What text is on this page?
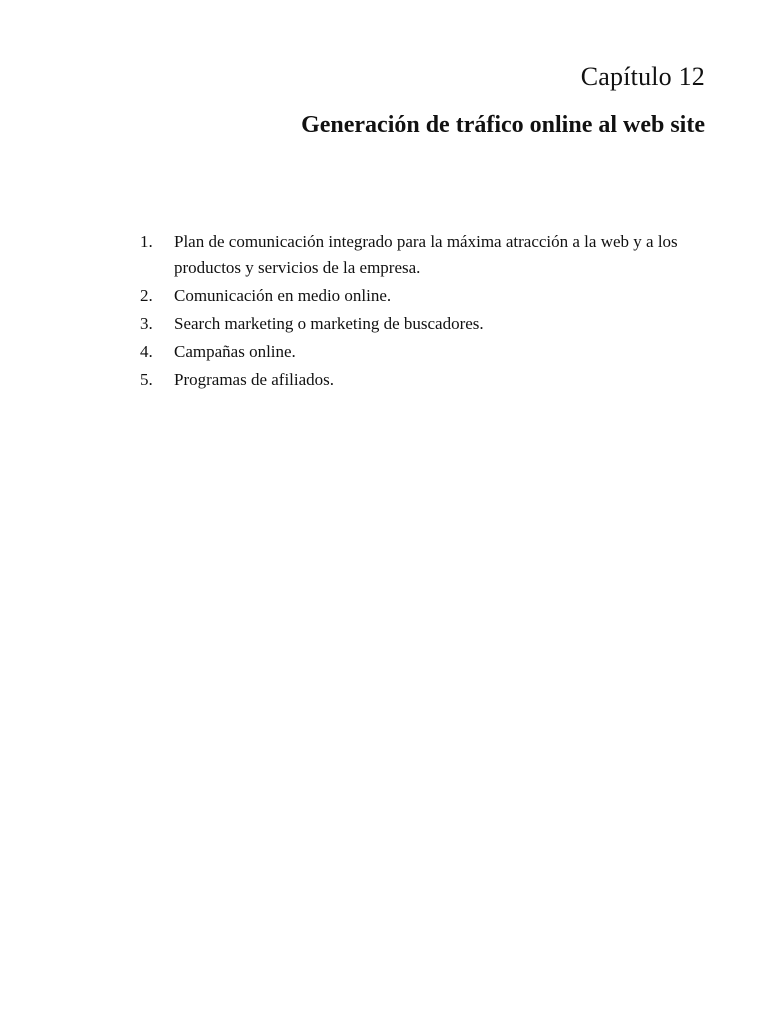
Capítulo 12
Generación de tráfico online al web site
1.	Plan de comunicación integrado para la máxima atracción a la web y a los productos y servicios de la empresa.
2.	Comunicación en medio online.
3.	Search marketing o marketing de buscadores.
4.	Campañas online.
5.	Programas de afiliados.
